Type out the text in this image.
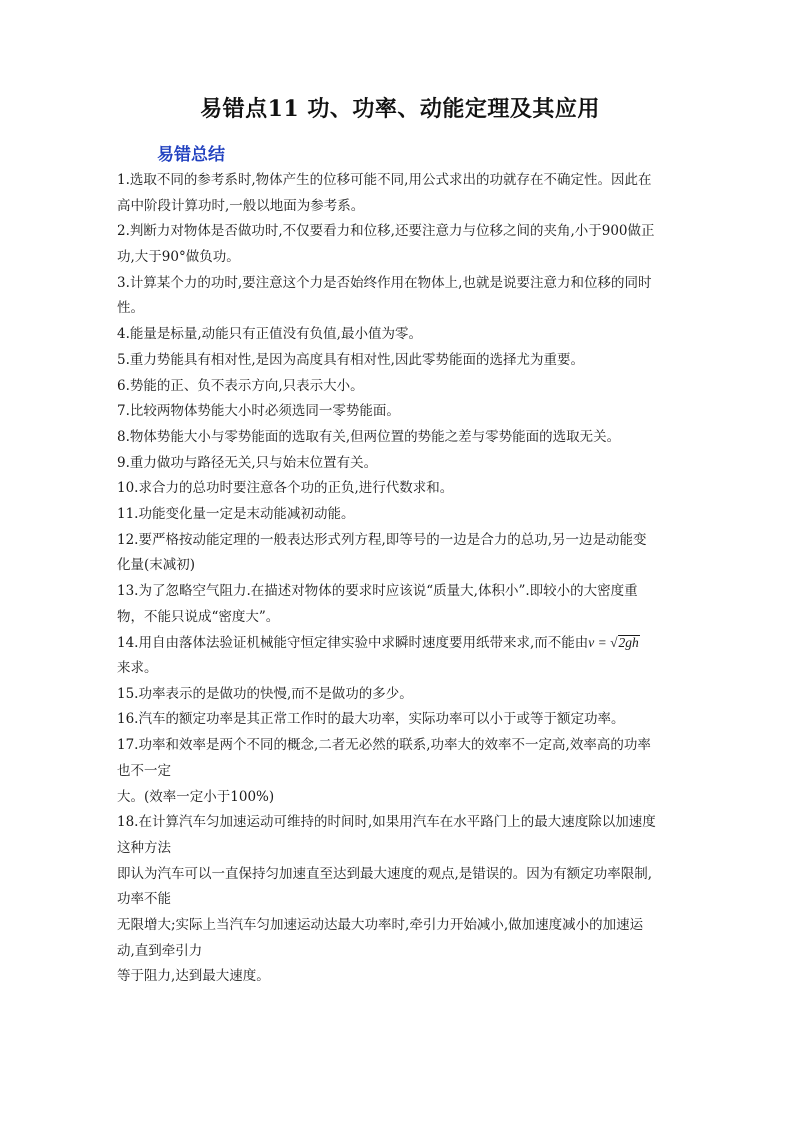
易错点11 功、功率、动能定理及其应用
易错总结
1.选取不同的参考系时,物体产生的位移可能不同,用公式求出的功就存在不确定性。因此在
高中阶段计算功时,一般以地面为参考系。
2.判断力对物体是否做功时,不仅要看力和位移,还要注意力与位移之间的夹角,小于900做正
功,大于90°做负功。
3.计算某个力的功时,要注意这个力是否始终作用在物体上,也就是说要注意力和位移的同时
性。
4.能量是标量,动能只有正值没有负值,最小值为零。
5.重力势能具有相对性,是因为高度具有相对性,因此零势能面的选择尤为重要。
6.势能的正、负不表示方向,只表示大小。
7.比较两物体势能大小时必须选同一零势能面。
8.物体势能大小与零势能面的选取有关,但两位置的势能之差与零势能面的选取无关。
9.重力做功与路径无关,只与始末位置有关。
10.求合力的总功时要注意各个功的正负,进行代数求和。
11.功能变化量一定是末动能减初动能。
12.要严格按动能定理的一般表达形式列方程,即等号的一边是合力的总功,另一边是动能变
化量(末减初)
13.为了忽略空气阻力.在描述对物体的要求时应该说“质量大,体积小”.即较小的大密度重
物，不能只说成“密度大”。
14.用自由落体法验证机械能守恒定律实验中求瞬时速度要用纸带来求,而不能由v = √2gh
来求。
15.功率表示的是做功的快慢,而不是做功的多少。
16.汽车的额定功率是其正常工作时的最大功率，实际功率可以小于或等于额定功率。
17.功率和效率是两个不同的概念,二者无必然的联系,功率大的效率不一定高,效率高的功率
也不一定
大。(效率一定小于100%)
18.在计算汽车匀加速运动可维持的时间时,如果用汽车在水平路门上的最大速度除以加速度
这种方法
即认为汽车可以一直保持匀加速直至达到最大速度的观点,是错误的。因为有额定功率限制,
功率不能
无限增大;实际上当汽车匀加速运动达最大功率时,牵引力开始减小,做加速度减小的加速运
动,直到牵引力
等于阻力,达到最大速度。
